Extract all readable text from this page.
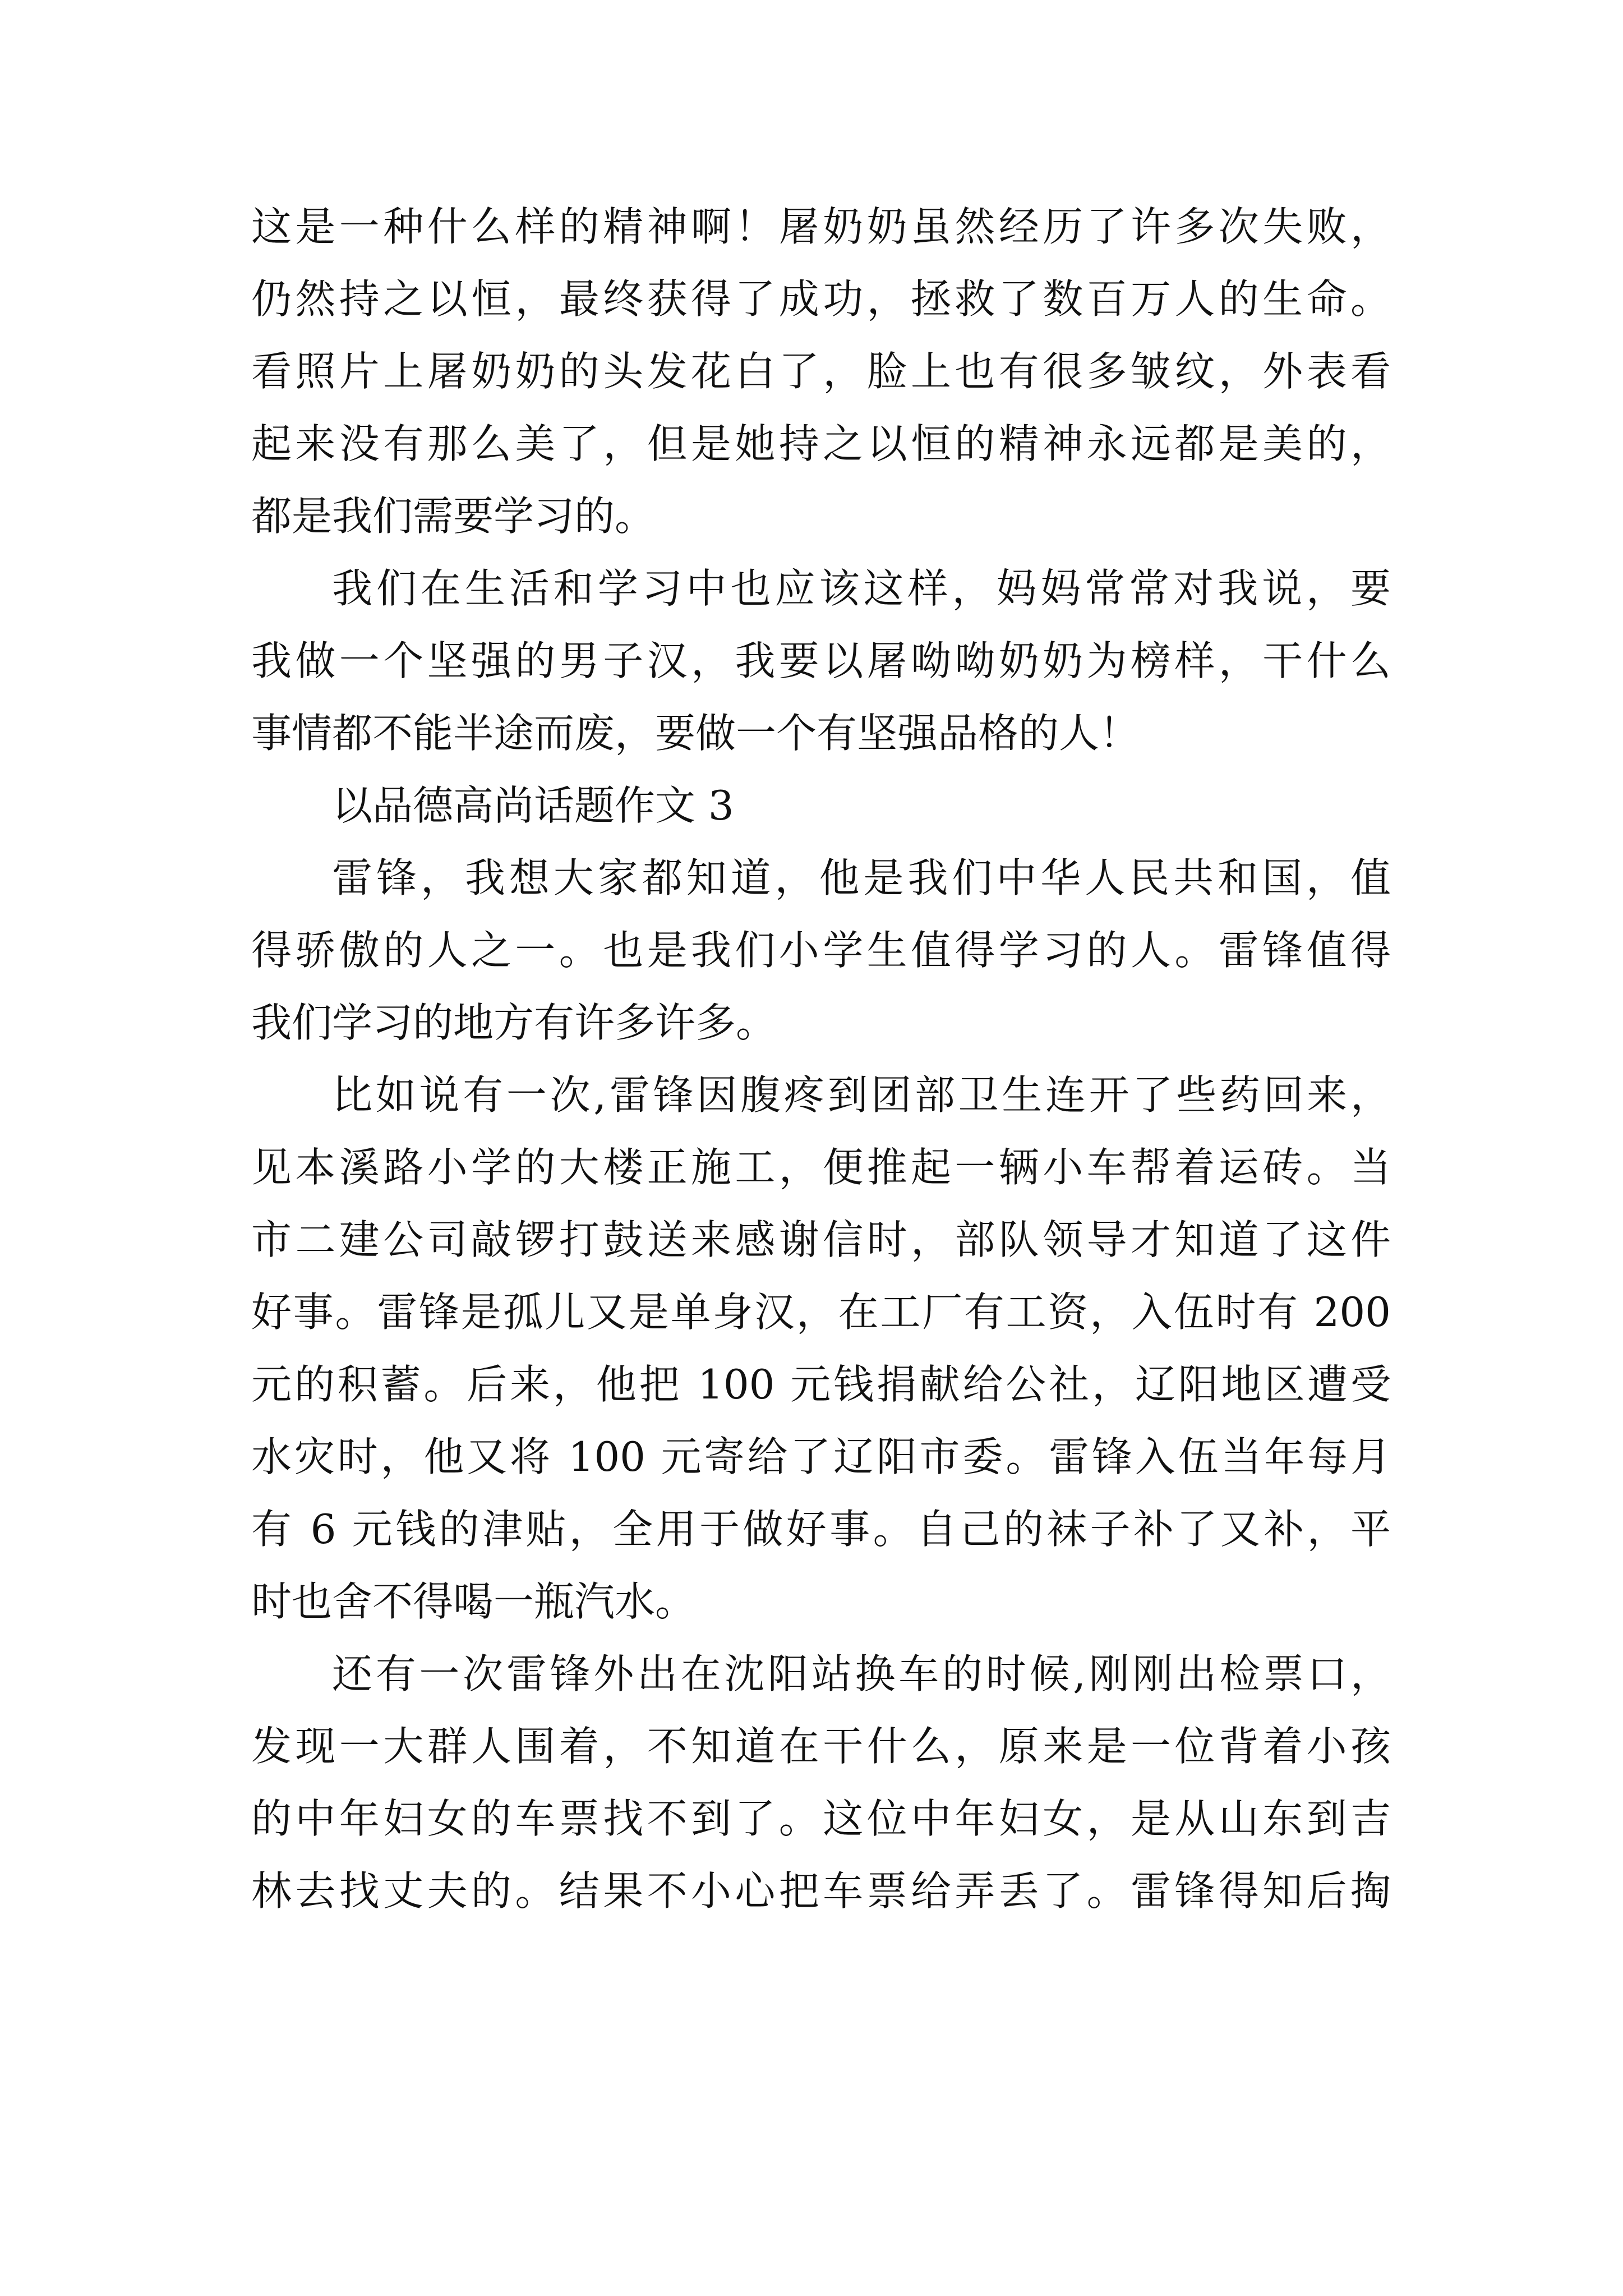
这是一种什么样的精神啊！屠奶奶虽然经历了许多次失败，
仍然持之以恒，最终获得了成功，拯救了数百万人的生命。
看照片上屠奶奶的头发花白了，脸上也有很多皱纹，外表看
起来没有那么美了，但是她持之以恒的精神永远都是美的，
都是我们需要学习的。
我们在生活和学习中也应该这样，妈妈常常对我说，要
我做一个坚强的男子汉，我要以屠呦呦奶奶为榜样，干什么
事情都不能半途而废，要做一个有坚强品格的人！
以品德高尚话题作文 3
雷锋，我想大家都知道，他是我们中华人民共和国，值
得骄傲的人之一。也是我们小学生值得学习的人。雷锋值得
我们学习的地方有许多许多。
比如说有一次,雷锋因腹疼到团部卫生连开了些药回来，
见本溪路小学的大楼正施工，便推起一辆小车帮着运砖。当
市二建公司敲锣打鼓送来感谢信时，部队领导才知道了这件
好事。雷锋是孤儿又是单身汉，在工厂有工资，入伍时有 200
元的积蓄。后来，他把 100 元钱捐献给公社，辽阳地区遭受
水灾时，他又将 100 元寄给了辽阳市委。雷锋入伍当年每月
有 6 元钱的津贴，全用于做好事。自己的袜子补了又补，平
时也舍不得喝一瓶汽水。
还有一次雷锋外出在沈阳站换车的时候,刚刚出检票口，
发现一大群人围着，不知道在干什么，原来是一位背着小孩
的中年妇女的车票找不到了。这位中年妇女，是从山东到吉
林去找丈夫的。结果不小心把车票给弄丢了。雷锋得知后掏
